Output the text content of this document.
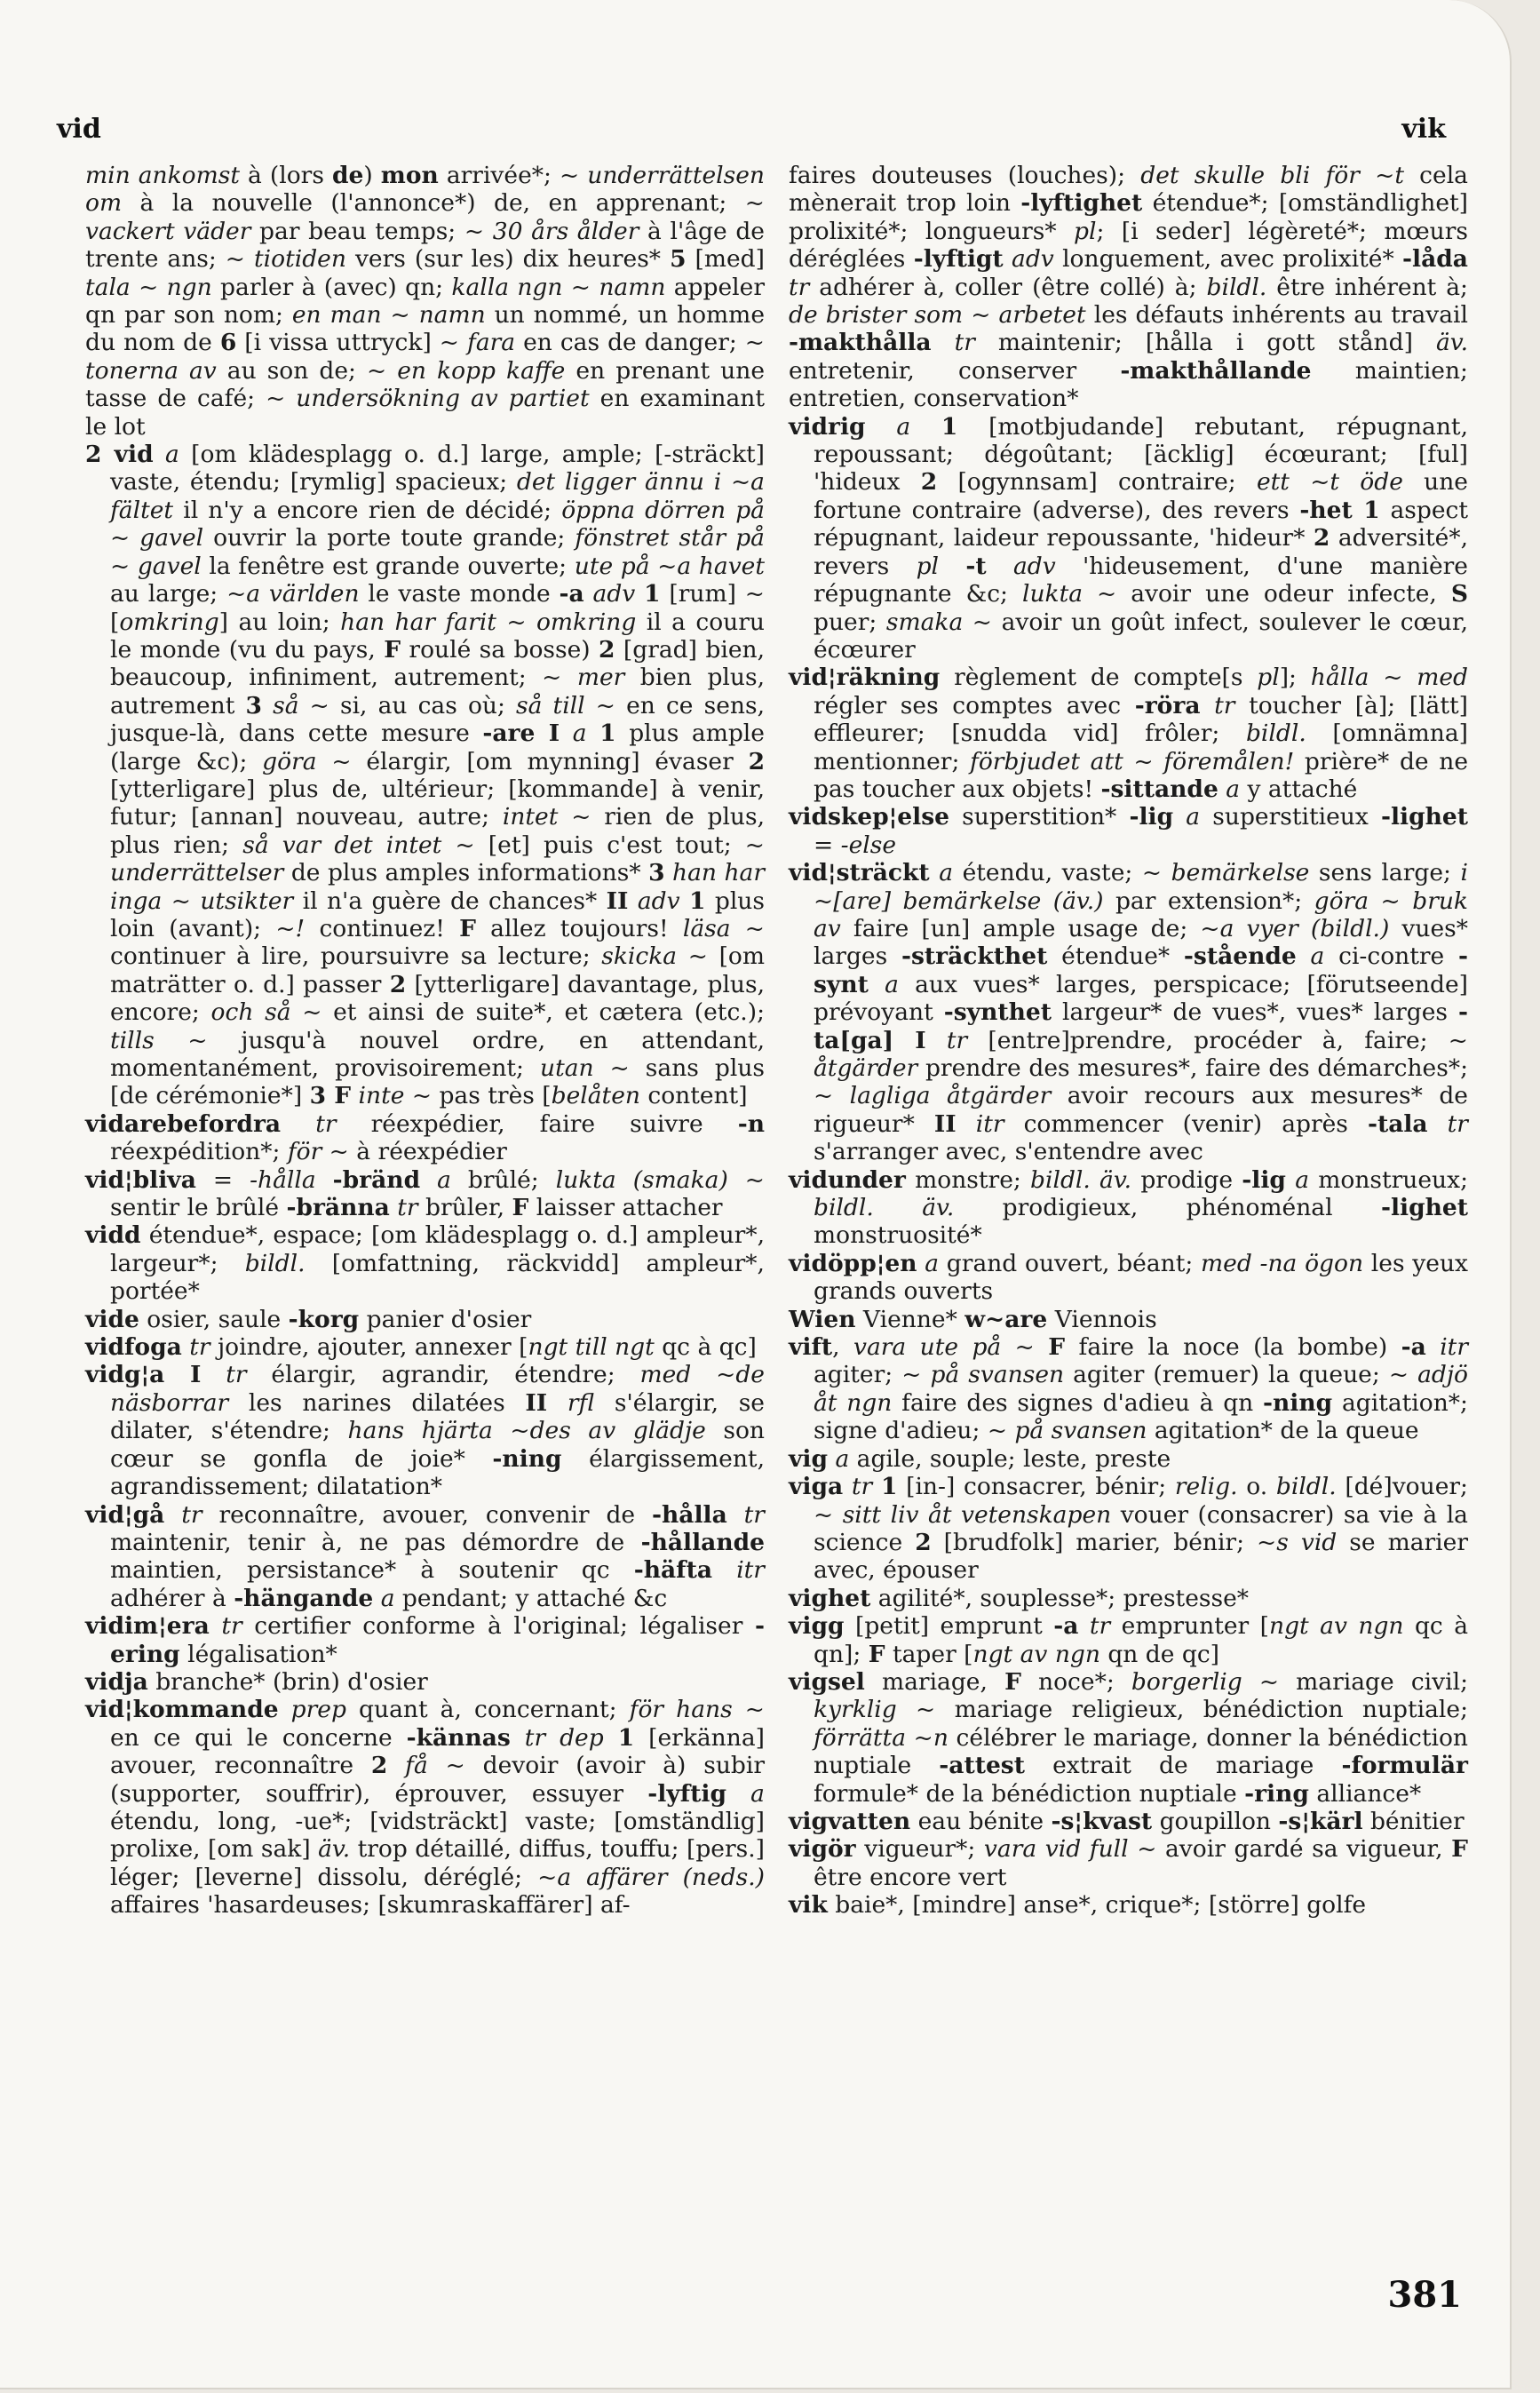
vid	vik

min ankomst à (lors de) mon arrivée*; ~ underrättelsen om à la nouvelle (l'annonce*) de, en apprenant; ~ vackert väder par beau temps; ~ 30 års ålder à l'âge de trente ans; ~ tiotiden vers (sur les) dix heures* 5 [med] tala ~ ngn parler à (avec) qn; kalla ngn ~ namn appeler qn par son nom; en man ~ namn un nommé, un homme du nom de 6 [i vissa uttryck] ~ fara en cas de danger; ~ tonerna av au son de; ~ en kopp kaffe en prenant une tasse de café; ~ undersökning av partiet en examinant le lot

2 vid a [om klädesplagg o. d.] large, ample; [-sträckt] vaste, étendu; [rymlig] spacieux; det ligger ännu i ~a fältet il n'y a encore rien de décidé; öppna dörren på ~ gavel ouvrir la porte toute grande; fönstret står på ~ gavel la fenêtre est grande ouverte; ute på ~a havet au large; ~a världen le vaste monde -a adv 1 [rum] ~ [omkring] au loin; han har farit ~ omkring il a couru le monde (vu du pays, F roulé sa bosse) 2 [grad] bien, beaucoup, infiniment, autrement; ~ mer bien plus, autrement 3 så ~ si, au cas où; så till ~ en ce sens, jusque-là, dans cette mesure -are I a 1 plus ample (large &c); göra ~ élargir, [om mynning] évaser 2 [ytterligare] plus de, ultérieur; [kommande] à venir, futur; [annan] nouveau, autre; intet ~ rien de plus, plus rien; så var det intet ~ [et] puis c'est tout; ~ underrättelser de plus amples informations* 3 han har inga ~ utsikter il n'a guère de chances* II adv 1 plus loin (avant); ~! continuez! F allez toujours! läsa ~ continuer à lire, poursuivre sa lecture; skicka ~ [om maträtter o. d.] passer 2 [ytterligare] davantage, plus, encore; och så ~ et ainsi de suite*, et cætera (etc.); tills ~ jusqu'à nouvel ordre, en attendant, momentanément, provisoirement; utan ~ sans plus [de cérémonie*] 3 F inte ~ pas très [belåten content]

vidarebefordra tr réexpédier, faire suivre -n réexpédition*; för ~ à réexpédier

vid¦bliva = -hålla -bränd a brûlé; lukta (smaka) ~ sentir le brûlé -bränna tr brûler, F laisser attacher

vidd étendue*, espace; [om klädesplagg o. d.] ampleur*, largeur*; bildl. [omfattning, räckvidd] ampleur*, portée*

vide osier, saule -korg panier d'osier

vidfoga tr joindre, ajouter, annexer [ngt till ngt qc à qc]

vidg¦a I tr élargir, agrandir, étendre; med ~de näsborrar les narines dilatées II rfl s'élargir, se dilater, s'étendre; hans hjärta ~des av glädje son cœur se gonfla de joie* -ning élargissement, agrandissement; dilatation*

vid¦gå tr reconnaître, avouer, convenir de -hålla tr maintenir, tenir à, ne pas démordre de -hållande maintien, persistance* à soutenir qc -häfta itr adhérer à -hängande a pendant; y attaché &c

vidim¦era tr certifier conforme à l'original; légaliser -ering légalisation*

vidja branche* (brin) d'osier

vid¦kommande prep quant à, concernant; för hans ~ en ce qui le concerne -kännas tr dep 1 [erkänna] avouer, reconnaître 2 få ~ devoir (avoir à) subir (supporter, souffrir), éprouver, essuyer -lyftig a étendu, long, -ue*; [vidsträckt] vaste; [omständlig] prolixe, [om sak] äv. trop détaillé, diffus, touffu; [pers.] léger; [levernе] dissolu, déréglé; ~a affärer (neds.) affaires 'hasardeuses; [skumraskaffärer] af-

faires douteuses (louches); det skulle bli för ~t cela mènerait trop loin -lyftighet étendue*; [omständlighet] prolixité*; longueurs* pl; [i seder] légèreté*; mœurs déréglées -lyftigt adv longuement, avec prolixité* -låda tr adhérer à, coller (être collé) à; bildl. être inhérent à; de brister som ~ arbetet les défauts inhérents au travail -makthålla tr maintenir; [hålla i gott stånd] äv. entretenir, conserver -makthållande maintien; entretien, conservation*

vidrig a 1 [motbjudande] rebutant, répugnant, repoussant; dégoûtant; [äcklig] écœurant; [ful] 'hideux 2 [ogynnsam] contraire; ett ~t öde une fortune contraire (adverse), des revers -het 1 aspect répugnant, laideur repoussante, 'hideur* 2 adversité*, revers pl -t adv 'hideusement, d'une manière répugnante &c; lukta ~ avoir une odeur infecte, S puer; smaka ~ avoir un goût infect, soulever le cœur, écœurer

vid¦räkning règlement de compte[s pl]; hålla ~ med régler ses comptes avec -röra tr toucher [à]; [lätt] effleurer; [snudda vid] frôler; bildl. [omnämna] mentionner; förbjudet att ~ föremålen! prière* de ne pas toucher aux objets! -sittande a y attaché

vidskep¦else superstition* -lig a superstitieux -lighet = -else

vid¦sträckt a étendu, vaste; ~ bemärkelse sens large; i ~[are] bemärkelse (äv.) par extension*; göra ~ bruk av faire [un] ample usage de; ~a vyer (bildl.) vues* larges -sträckthet étendue* -stående a ci-contre -synt a aux vues* larges, perspicace; [förutseende] prévoyant -synthet largeur* de vues*, vues* larges -ta[ga] I tr [entre]prendre, procéder à, faire; ~ åtgärder prendre des mesures*, faire des démarches*; ~ lagliga åtgärder avoir recours aux mesures* de rigueur* II itr commencer (venir) après -tala tr s'arranger avec, s'entendre avec

vidunder monstre; bildl. äv. prodige -lig a monstrueux; bildl. äv. prodigieux, phénoménal -lighet monstruosité*

vidöpp¦en a grand ouvert, béant; med -na ögon les yeux grands ouverts

Wien Vienne* w~are Viennois

vift, vara ute på ~ F faire la noce (la bombe) -a itr agiter; ~ på svansen agiter (remuer) la queue; ~ adjö åt ngn faire des signes d'adieu à qn -ning agitation*; signe d'adieu; ~ på svansen agitation* de la queue

vig a agile, souple; leste, preste

viga tr 1 [in-] consacrer, bénir; relig. o. bildl. [dé]vouer; ~ sitt liv åt vetenskapen vouer (consacrer) sa vie à la science 2 [brudfolk] marier, bénir; ~s vid se marier avec, épouser

vighet agilité*, souplesse*; prestesse*

vigg [petit] emprunt -a tr emprunter [ngt av ngn qc à qn]; F taper [ngt av ngn qn de qc]

vigsel mariage, F noce*; borgerlig ~ mariage civil; kyrklig ~ mariage religieux, bénédiction nuptiale; förrätta ~n célébrer le mariage, donner la bénédiction nuptiale -attest extrait de mariage -formulär formule* de la bénédiction nuptiale -ring alliance*

vigvatten eau bénite -s¦kvast goupillon -s¦kärl bénitier

vigör vigueur*; vara vid full ~ avoir gardé sa vigueur, F être encore vert

vik baie*, [mindre] anse*, crique*; [större] golfe

381
